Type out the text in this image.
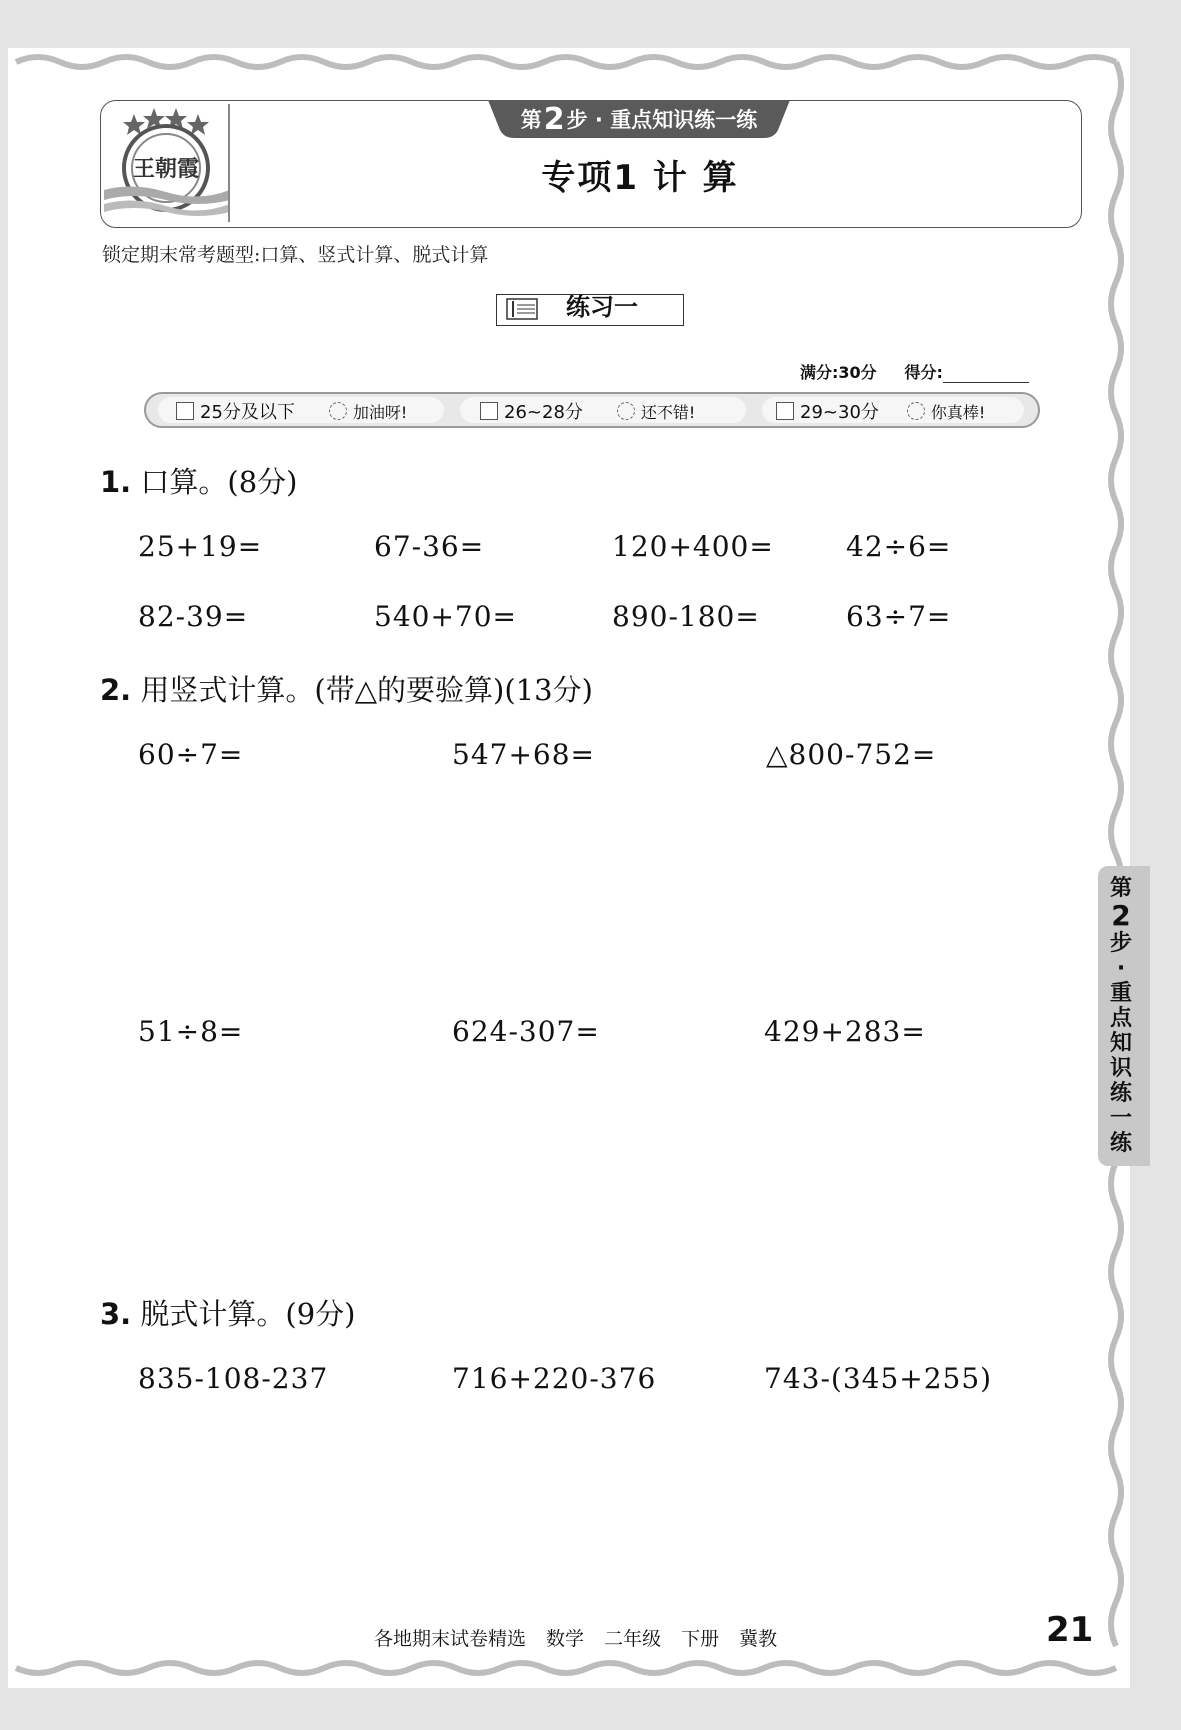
王朝霞
第 2 步 · 重点知识练一练
专项1 计 算
锁定期末常考题型:口算、竖式计算、脱式计算
练习一
满分:30分 得分:
25分及以下	加油呀!	26~28分	还不错!	29~30分	你真棒!
1. 口算。(8分)
25+19=	67-36=	120+400=	42÷6=
82-39=	540+70=	890-180=	63÷7=
2. 用竖式计算。(带△的要验算)(13分)
60÷7=	547+68=	△800-752=
51÷8=	624-307=	429+283=
3. 脱式计算。(9分)
835-108-237	716+220-376	743-(345+255)
第
2
步
·
重
点
知
识
练
一
练
各地期末试卷精选 数学 二年级 下册 冀教	21
